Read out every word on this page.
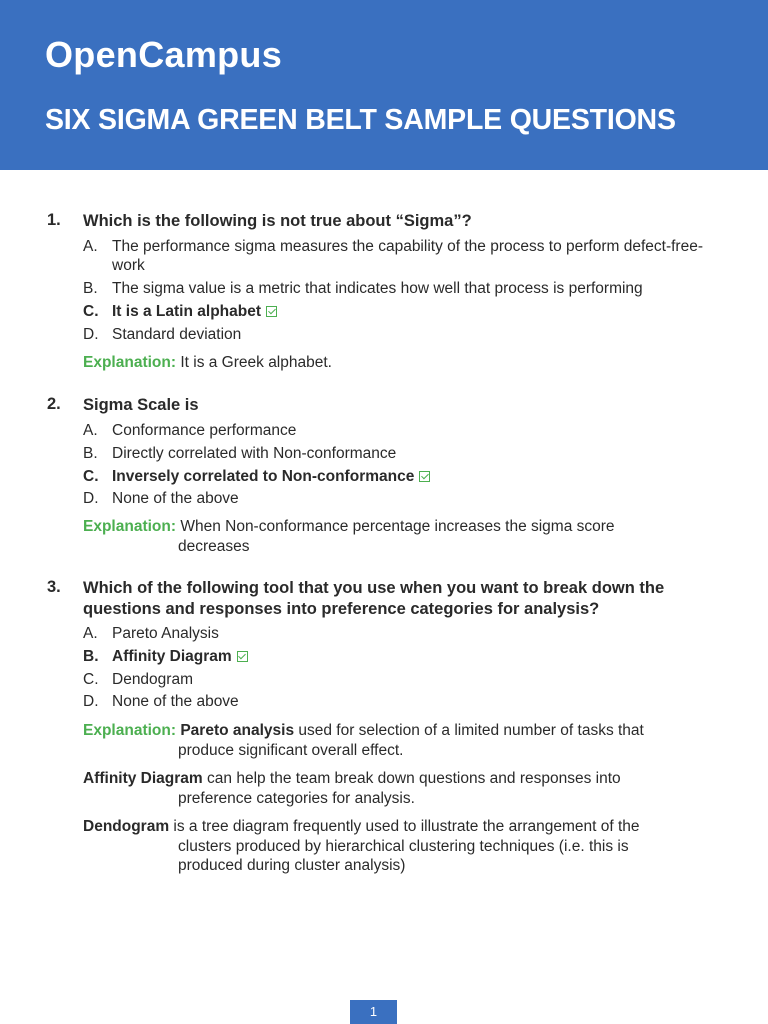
OpenCampus
SIX SIGMA GREEN BELT SAMPLE QUESTIONS
1. Which is the following is not true about “Sigma”?
A. The performance sigma measures the capability of the process to perform defect-free-work
B. The sigma value is a metric that indicates how well that process is performing
C. It is a Latin alphabet
D. Standard deviation
Explanation: It is a Greek alphabet.
2. Sigma Scale is
A. Conformance performance
B. Directly correlated with Non-conformance
C. Inversely correlated to Non-conformance
D. None of the above
Explanation: When Non-conformance percentage increases the sigma score
decreases
3. Which of the following tool that you use when you want to break down the questions and responses into preference categories for analysis?
A. Pareto Analysis
B. Affinity Diagram
C. Dendogram
D. None of the above
Explanation: Pareto analysis used for selection of a limited number of tasks that
produce significant overall effect.
Affinity Diagram can help the team break down questions and responses into
preference categories for analysis.
Dendogram is a tree diagram frequently used to illustrate the arrangement of the
clusters produced by hierarchical clustering techniques (i.e. this is
produced during cluster analysis)
1
